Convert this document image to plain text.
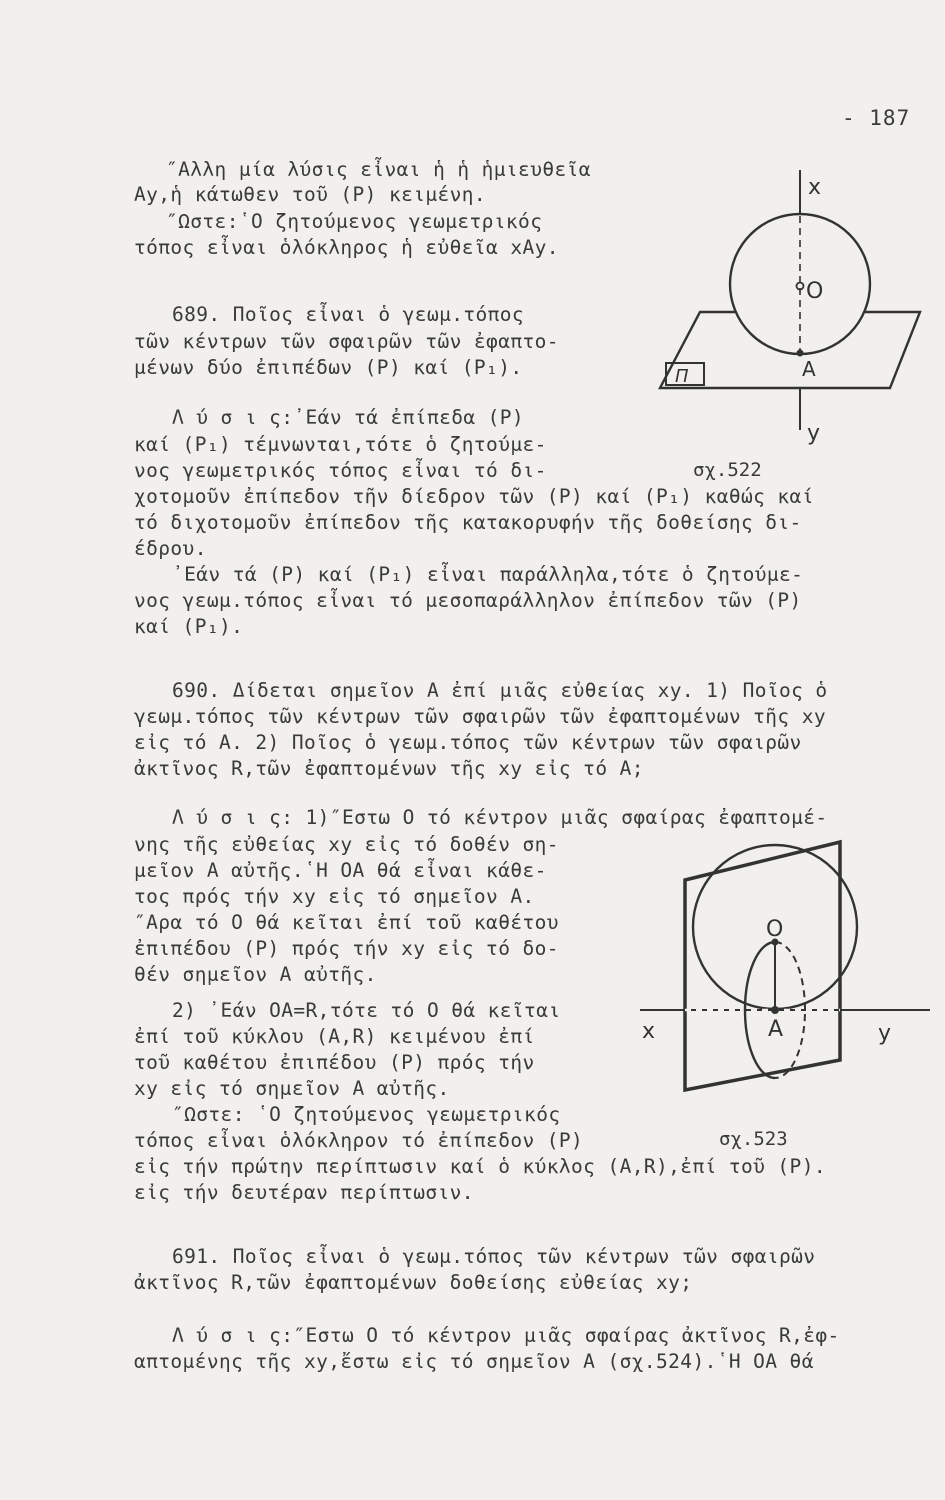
- 187
″Αλλη μία λύσις εἶναι ἡ ἡ ἡμιευθεῖα
Αy,ἡ κάτωθεν τοῦ (P) κειμένη.
″Ωστε:῾Ο ζητούμενος γεωμετρικός
τόπος εἶναι ὁλόκληρος ἡ εὐθεῖα xΑy.
689. Ποῖος εἶναι ὁ γεωμ.τόπος
τῶν κέντρων τῶν σφαιρῶν τῶν ἐφαπτο-
μένων δύο ἐπιπέδων (P) καί (P₁).
Λ ύ σ ι ς:᾽Εάν τά ἐπίπεδα (P)
καί (P₁) τέμνωνται,τότε ὁ ζητούμε-
νος γεωμετρικός τόπος εἶναι τό δι-
χοτομοῦν ἐπίπεδον τῆν δίεδρον τῶν (P) καί (P₁) καθώς καί
τό διχοτομοῦν ἐπίπεδον τῆς κατακορυφήν τῆς δοθείσης δι-
έδρου.
᾽Εάν τά (P) καί (P₁) εἶναι παράλληλα,τότε ὁ ζητούμε-
νος γεωμ.τόπος εἶναι τό μεσοπαράλληλον ἐπίπεδον τῶν (P)
καί (P₁).
690. Δίδεται σημεῖον Α ἐπί μιᾶς εὐθείας xy. 1) Ποῖος ὁ
γεωμ.τόπος τῶν κέντρων τῶν σφαιρῶν τῶν ἐφαπτομένων τῆς xy
εἰς τό Α. 2) Ποῖος ὁ γεωμ.τόπος τῶν κέντρων τῶν σφαιρῶν
ἀκτῖνος R,τῶν ἐφαπτομένων τῆς xy εἰς τό Α;
Λ ύ σ ι ς: 1)″Εστω Ο τό κέντρον μιᾶς σφαίρας ἐφαπτομέ-
νης τῆς εὐθείας xy εἰς τό δοθέν ση-
μεῖον Α αὐτῆς.῾Η ΟΑ θά εἶναι κάθε-
τος πρός τήν xy εἰς τό σημεῖον Α.
″Αρα τό Ο θά κεῖται ἐπί τοῦ καθέτου
ἐπιπέδου (P) πρός τήν xy εἰς τό δο-
θέν σημεῖον Α αὐτῆς.
2) ᾽Εάν ΟΑ=R,τότε τό Ο θά κεῖται
ἐπί τοῦ κύκλου (Α,R) κειμένου ἐπί
τοῦ καθέτου ἐπιπέδου (P) πρός τήν
xy εἰς τό σημεῖον Α αὐτῆς.
″Ωστε: ῾Ο ζητούμενος γεωμετρικός
τόπος εἶναι ὁλόκληρον τό ἐπίπεδον (P)
εἰς τήν πρώτην περίπτωσιν καί ὁ κύκλος (Α,R),ἐπί τοῦ (P).
εἰς τήν δευτέραν περίπτωσιν.
691. Ποῖος εἶναι ὁ γεωμ.τόπος τῶν κέντρων τῶν σφαιρῶν
ἀκτῖνος R,τῶν ἐφαπτομένων δοθείσης εὐθείας xy;
Λ ύ σ ι ς:″Εστω Ο τό κέντρον μιᾶς σφαίρας ἀκτῖνος R,ἐφ-
απτομένης τῆς xy,ἔστω εἰς τό σημεῖον Α (σχ.524).῾Η ΟΑ θά
x
O
A
y
Π
σχ.522
O
A
x	y
σχ.523
